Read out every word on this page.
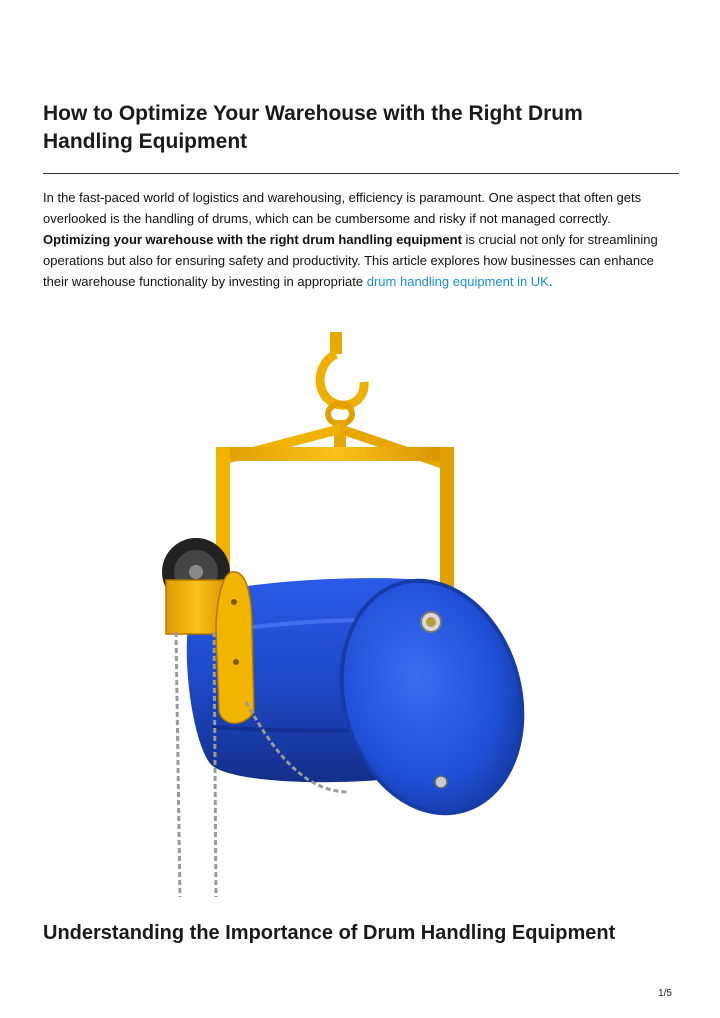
How to Optimize Your Warehouse with the Right Drum Handling Equipment

In the fast-paced world of logistics and warehousing, efficiency is paramount. One aspect that often gets overlooked is the handling of drums, which can be cumbersome and risky if not managed correctly. Optimizing your warehouse with the right drum handling equipment is crucial not only for streamlining operations but also for ensuring safety and productivity. This article explores how businesses can enhance their warehouse functionality by investing in appropriate drum handling equipment in UK.

Understanding the Importance of Drum Handling Equipment
1/5
